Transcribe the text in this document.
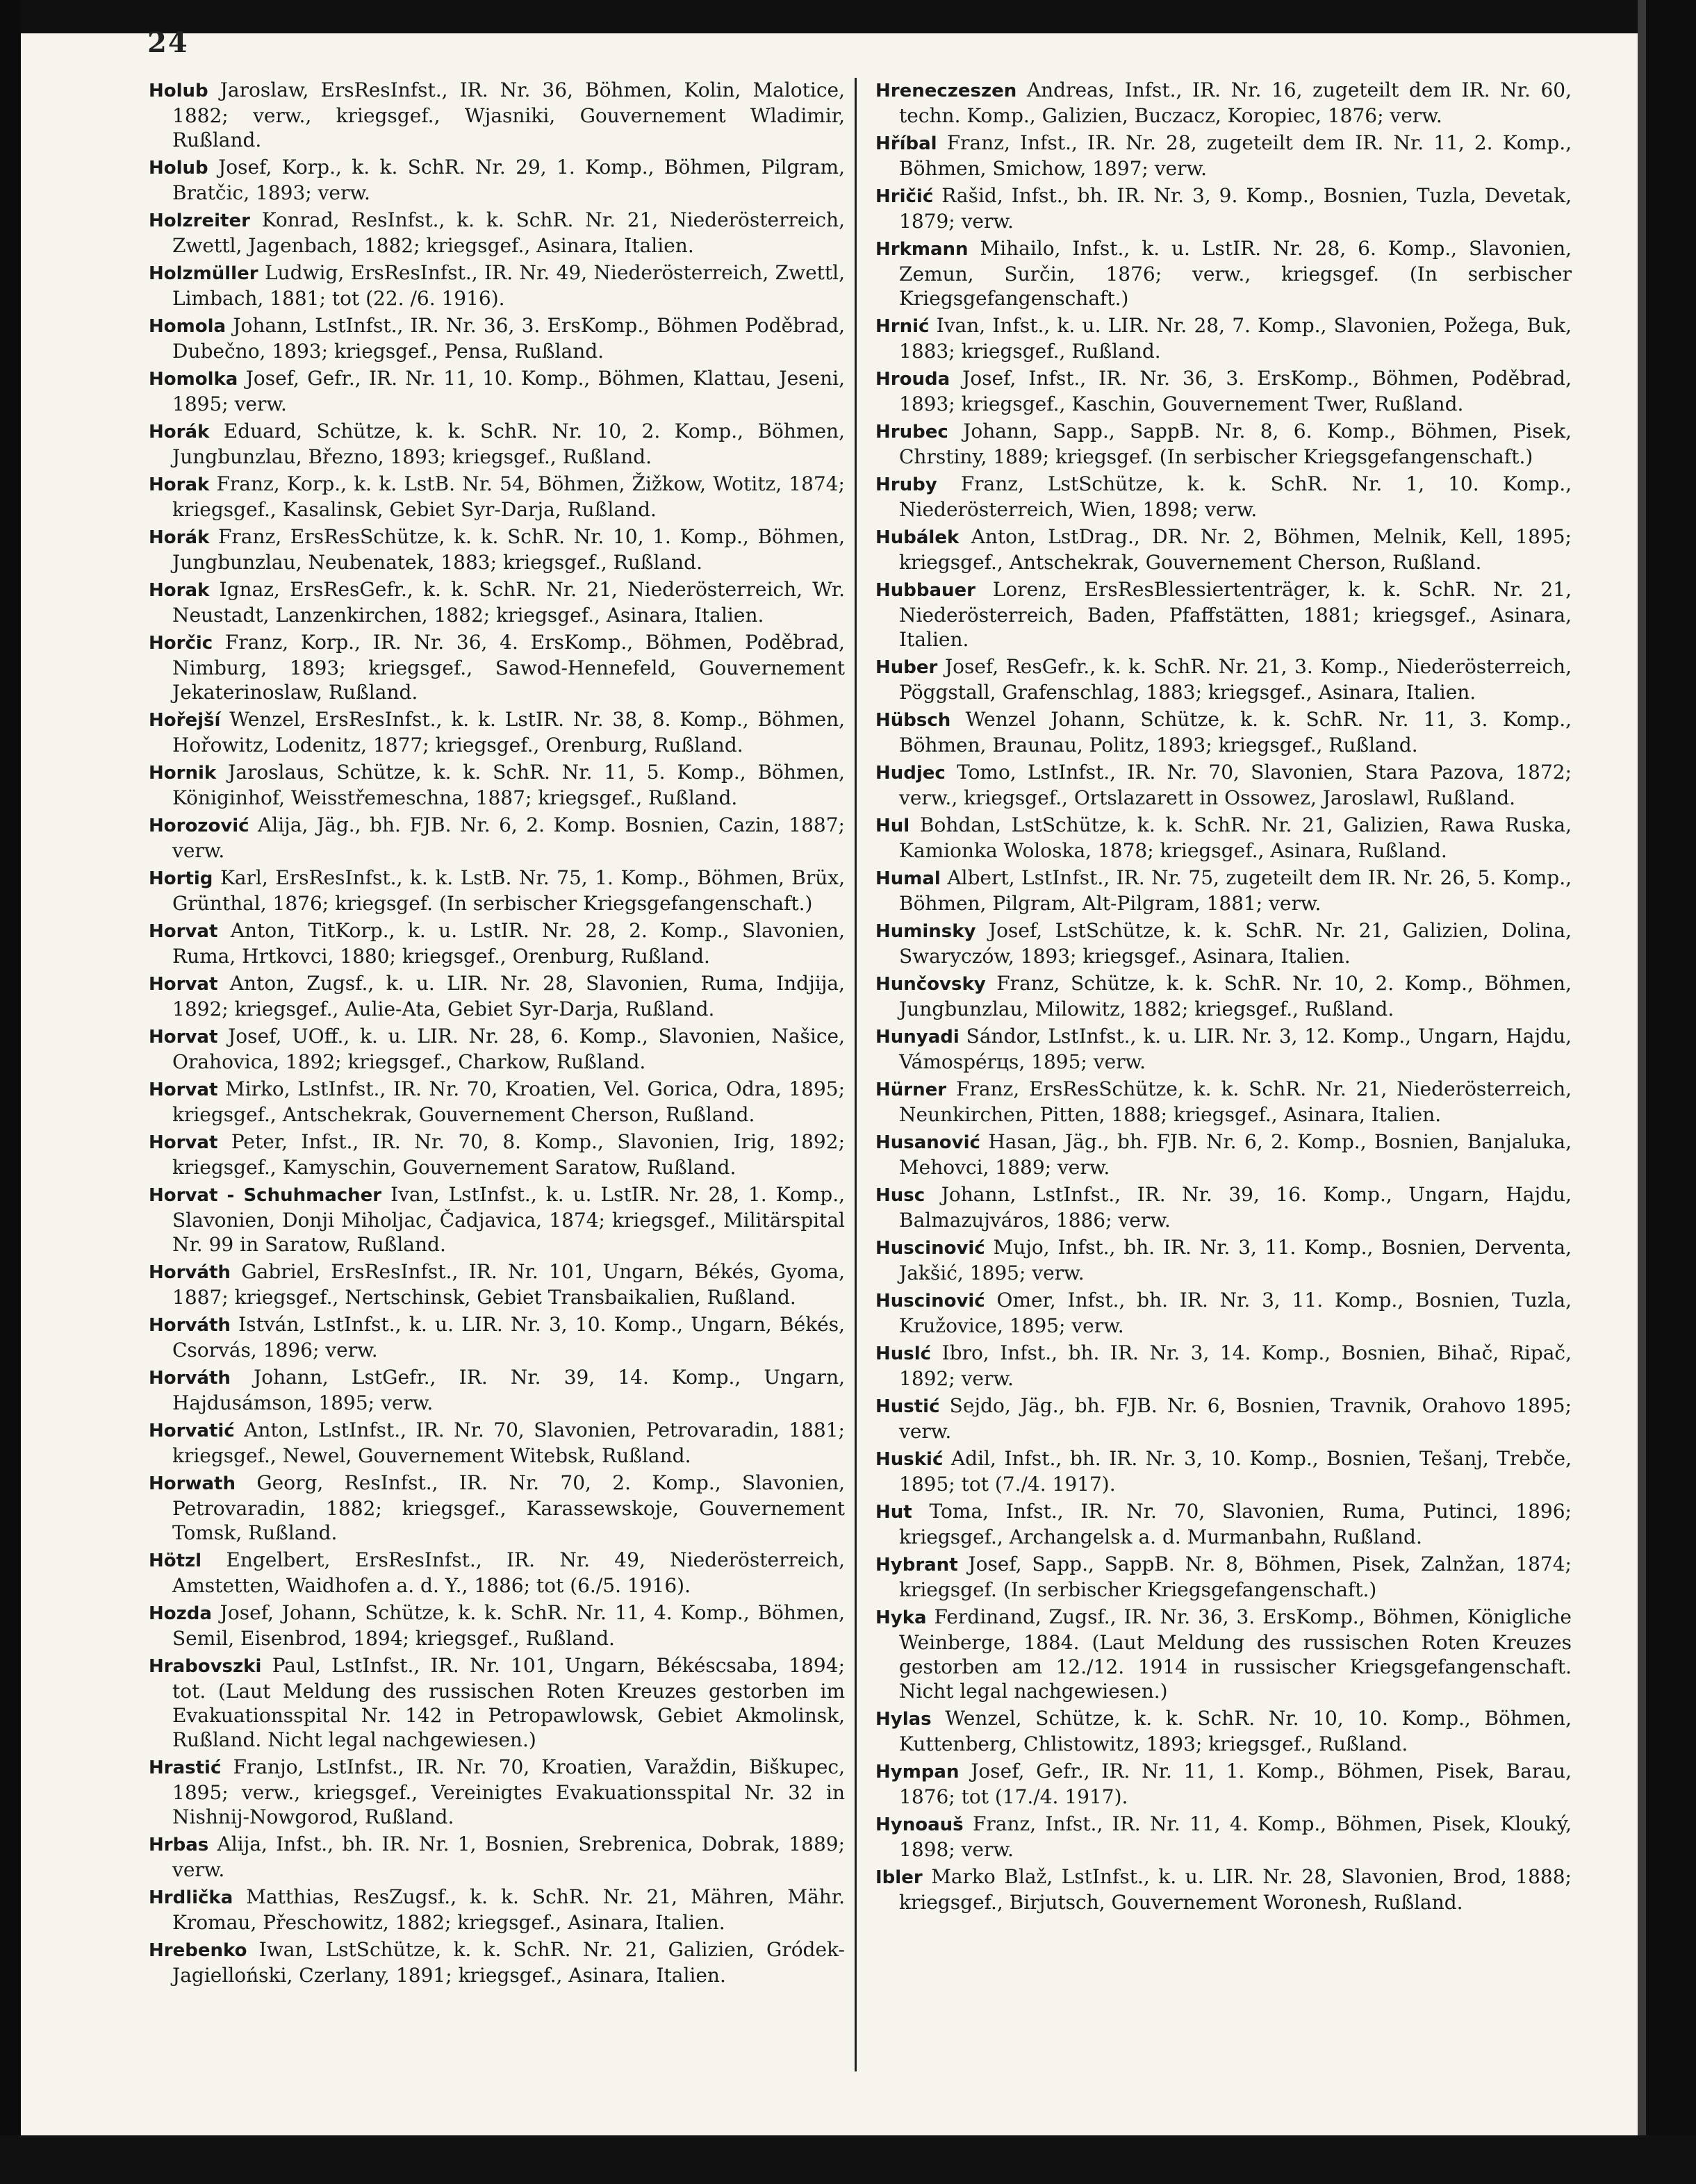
24

Holub Jaroslaw, ErsResInfst., IR. Nr. 36, Böhmen, Kolin, Malotice, 1882; verw., kriegsgef., Wjasniki, Gouvernement Wladimir, Rußland.

Holub Josef, Korp., k. k. SchR. Nr. 29, 1. Komp., Böhmen, Pilgram, Bratčic, 1893; verw.

Holzreiter Konrad, ResInfst., k. k. SchR. Nr. 21, Niederösterreich, Zwettl, Jagenbach, 1882; kriegsgef., Asinara, Italien.

Holzmüller Ludwig, ErsResInfst., IR. Nr. 49, Niederösterreich, Zwettl, Limbach, 1881; tot (22. /6. 1916).

Homola Johann, LstInfst., IR. Nr. 36, 3. ErsKomp., Böhmen Poděbrad, Dubečno, 1893; kriegsgef., Pensa, Rußland.

Homolka Josef, Gefr., IR. Nr. 11, 10. Komp., Böhmen, Klattau, Jeseni, 1895; verw.

Horák Eduard, Schütze, k. k. SchR. Nr. 10, 2. Komp., Böhmen, Jungbunzlau, Březno, 1893; kriegsgef., Rußland.

Horak Franz, Korp., k. k. LstB. Nr. 54, Böhmen, Žižkow, Wotitz, 1874; kriegsgef., Kasalinsk, Gebiet Syr-Darja, Rußland.

Horák Franz, ErsResSchütze, k. k. SchR. Nr. 10, 1. Komp., Böhmen, Jungbunzlau, Neubenatek, 1883; kriegsgef., Rußland.

Horak Ignaz, ErsResGefr., k. k. SchR. Nr. 21, Niederösterreich, Wr. Neustadt, Lanzenkirchen, 1882; kriegsgef., Asinara, Italien.

Horčic Franz, Korp., IR. Nr. 36, 4. ErsKomp., Böhmen, Poděbrad, Nimburg, 1893; kriegsgef., Sawod-Hennefeld, Gouvernement Jekaterinoslaw, Rußland.

Hořejší Wenzel, ErsResInfst., k. k. LstIR. Nr. 38, 8. Komp., Böhmen, Hořowitz, Lodenitz, 1877; kriegsgef., Orenburg, Rußland.

Hornik Jaroslaus, Schütze, k. k. SchR. Nr. 11, 5. Komp., Böhmen, Königinhof, Weisstřemeschna, 1887; kriegsgef., Rußland.

Horozović Alija, Jäg., bh. FJB. Nr. 6, 2. Komp. Bosnien, Cazin, 1887; verw.

Hortig Karl, ErsResInfst., k. k. LstB. Nr. 75, 1. Komp., Böhmen, Brüx, Grünthal, 1876; kriegsgef. (In serbischer Kriegsgefangenschaft.)

Horvat Anton, TitKorp., k. u. LstIR. Nr. 28, 2. Komp., Slavonien, Ruma, Hrtkovci, 1880; kriegsgef., Orenburg, Rußland.

Horvat Anton, Zugsf., k. u. LIR. Nr. 28, Slavonien, Ruma, Indjija, 1892; kriegsgef., Aulie-Ata, Gebiet Syr-Darja, Rußland.

Horvat Josef, UOff., k. u. LIR. Nr. 28, 6. Komp., Slavonien, Našice, Orahovica, 1892; kriegsgef., Charkow, Rußland.

Horvat Mirko, LstInfst., IR. Nr. 70, Kroatien, Vel. Gorica, Odra, 1895; kriegsgef., Antschekrak, Gouvernement Cherson, Rußland.

Horvat Peter, Infst., IR. Nr. 70, 8. Komp., Slavonien, Irig, 1892; kriegsgef., Kamyschin, Gouvernement Saratow, Rußland.

Horvat - Schuhmacher Ivan, LstInfst., k. u. LstIR. Nr. 28, 1. Komp., Slavonien, Donji Miholjac, Čadjavica, 1874; kriegsgef., Militärspital Nr. 99 in Saratow, Rußland.

Horváth Gabriel, ErsResInfst., IR. Nr. 101, Ungarn, Békés, Gyoma, 1887; kriegsgef., Nertschinsk, Gebiet Transbaikalien, Rußland.

Horváth István, LstInfst., k. u. LIR. Nr. 3, 10. Komp., Ungarn, Békés, Csorvás, 1896; verw.

Horváth Johann, LstGefr., IR. Nr. 39, 14. Komp., Ungarn, Hajdusámson, 1895; verw.

Horvatić Anton, LstInfst., IR. Nr. 70, Slavonien, Petrovaradin, 1881; kriegsgef., Newel, Gouvernement Witebsk, Rußland.

Horwath Georg, ResInfst., IR. Nr. 70, 2. Komp., Slavonien, Petrovaradin, 1882; kriegsgef., Karassewskoje, Gouvernement Tomsk, Rußland.

Hötzl Engelbert, ErsResInfst., IR. Nr. 49, Niederösterreich, Amstetten, Waidhofen a. d. Y., 1886; tot (6./5. 1916).

Hozda Josef, Johann, Schütze, k. k. SchR. Nr. 11, 4. Komp., Böhmen, Semil, Eisenbrod, 1894; kriegsgef., Rußland.

Hrabovszki Paul, LstInfst., IR. Nr. 101, Ungarn, Békéscsaba, 1894; tot. (Laut Meldung des russischen Roten Kreuzes gestorben im Evakuationsspital Nr. 142 in Petropawlowsk, Gebiet Akmolinsk, Rußland. Nicht legal nachgewiesen.)

Hrastić Franjo, LstInfst., IR. Nr. 70, Kroatien, Varaždin, Biškupec, 1895; verw., kriegsgef., Vereinigtes Evakuationsspital Nr. 32 in Nishnij-Nowgorod, Rußland.

Hrbas Alija, Infst., bh. IR. Nr. 1, Bosnien, Srebrenica, Dobrak, 1889; verw.

Hrdlička Matthias, ResZugsf., k. k. SchR. Nr. 21, Mähren, Mähr. Kromau, Přeschowitz, 1882; kriegsgef., Asinara, Italien.

Hrebenko Iwan, LstSchütze, k. k. SchR. Nr. 21, Galizien, Gródek-Jagielloński, Czerlany, 1891; kriegsgef., Asinara, Italien.

Hreneczeszen Andreas, Infst., IR. Nr. 16, zugeteilt dem IR. Nr. 60, techn. Komp., Galizien, Buczacz, Koropiec, 1876; verw.

Hříbal Franz, Infst., IR. Nr. 28, zugeteilt dem IR. Nr. 11, 2. Komp., Böhmen, Smichow, 1897; verw.

Hričić Rašid, Infst., bh. IR. Nr. 3, 9. Komp., Bosnien, Tuzla, Devetak, 1879; verw.

Hrkmann Mihailo, Infst., k. u. LstIR. Nr. 28, 6. Komp., Slavonien, Zemun, Surčin, 1876; verw., kriegsgef. (In serbischer Kriegsgefangenschaft.)

Hrnić Ivan, Infst., k. u. LIR. Nr. 28, 7. Komp., Slavonien, Požega, Buk, 1883; kriegsgef., Rußland.

Hrouda Josef, Infst., IR. Nr. 36, 3. ErsKomp., Böhmen, Poděbrad, 1893; kriegsgef., Kaschin, Gouvernement Twer, Rußland.

Hrubec Johann, Sapp., SappB. Nr. 8, 6. Komp., Böhmen, Pisek, Chrstiny, 1889; kriegsgef. (In serbischer Kriegsgefangenschaft.)

Hruby Franz, LstSchütze, k. k. SchR. Nr. 1, 10. Komp., Niederösterreich, Wien, 1898; verw.

Hubálek Anton, LstDrag., DR. Nr. 2, Böhmen, Melnik, Kell, 1895; kriegsgef., Antschekrak, Gouvernement Cherson, Rußland.

Hubbauer Lorenz, ErsResBlessiertenträger, k. k. SchR. Nr. 21, Niederösterreich, Baden, Pfaffstätten, 1881; kriegsgef., Asinara, Italien.

Huber Josef, ResGefr., k. k. SchR. Nr. 21, 3. Komp., Niederösterreich, Pöggstall, Grafenschlag, 1883; kriegsgef., Asinara, Italien.

Hübsch Wenzel Johann, Schütze, k. k. SchR. Nr. 11, 3. Komp., Böhmen, Braunau, Politz, 1893; kriegsgef., Rußland.

Hudjec Tomo, LstInfst., IR. Nr. 70, Slavonien, Stara Pazova, 1872; verw., kriegsgef., Ortslazarett in Ossowez, Jaroslawl, Rußland.

Hul Bohdan, LstSchütze, k. k. SchR. Nr. 21, Galizien, Rawa Ruska, Kamionka Woloska, 1878; kriegsgef., Asinara, Rußland.

Humal Albert, LstInfst., IR. Nr. 75, zugeteilt dem IR. Nr. 26, 5. Komp., Böhmen, Pilgram, Alt-Pilgram, 1881; verw.

Huminsky Josef, LstSchütze, k. k. SchR. Nr. 21, Galizien, Dolina, Swaryczów, 1893; kriegsgef., Asinara, Italien.

Hunčovsky Franz, Schütze, k. k. SchR. Nr. 10, 2. Komp., Böhmen, Jungbunzlau, Milowitz, 1882; kriegsgef., Rußland.

Hunyadi Sándor, LstInfst., k. u. LIR. Nr. 3, 12. Komp., Ungarn, Hajdu, Vámospérцs, 1895; verw.

Hürner Franz, ErsResSchütze, k. k. SchR. Nr. 21, Niederösterreich, Neunkirchen, Pitten, 1888; kriegsgef., Asinara, Italien.

Husanović Hasan, Jäg., bh. FJB. Nr. 6, 2. Komp., Bosnien, Banjaluka, Mehovci, 1889; verw.

Husc Johann, LstInfst., IR. Nr. 39, 16. Komp., Ungarn, Hajdu, Balmazujváros, 1886; verw.

Huscinović Mujo, Infst., bh. IR. Nr. 3, 11. Komp., Bosnien, Derventa, Jakšić, 1895; verw.

Huscinović Omer, Infst., bh. IR. Nr. 3, 11. Komp., Bosnien, Tuzla, Kružovice, 1895; verw.

Huslć Ibro, Infst., bh. IR. Nr. 3, 14. Komp., Bosnien, Bihač, Ripač, 1892; verw.

Hustić Sejdo, Jäg., bh. FJB. Nr. 6, Bosnien, Travnik, Orahovo 1895; verw.

Huskić Adil, Infst., bh. IR. Nr. 3, 10. Komp., Bosnien, Tešanj, Trebče, 1895; tot (7./4. 1917).

Hut Toma, Infst., IR. Nr. 70, Slavonien, Ruma, Putinci, 1896; kriegsgef., Archangelsk a. d. Murmanbahn, Rußland.

Hybrant Josef, Sapp., SappB. Nr. 8, Böhmen, Pisek, Zalnžan, 1874; kriegsgef. (In serbischer Kriegsgefangenschaft.)

Hyka Ferdinand, Zugsf., IR. Nr. 36, 3. ErsKomp., Böhmen, Königliche Weinberge, 1884. (Laut Meldung des russischen Roten Kreuzes gestorben am 12./12. 1914 in russischer Kriegsgefangenschaft. Nicht legal nachgewiesen.)

Hylas Wenzel, Schütze, k. k. SchR. Nr. 10, 10. Komp., Böhmen, Kuttenberg, Chlistowitz, 1893; kriegsgef., Rußland.

Hympan Josef, Gefr., IR. Nr. 11, 1. Komp., Böhmen, Pisek, Barau, 1876; tot (17./4. 1917).

Hynoauš Franz, Infst., IR. Nr. 11, 4. Komp., Böhmen, Pisek, Klouký, 1898; verw.

Ibler Marko Blaž, LstInfst., k. u. LIR. Nr. 28, Slavonien, Brod, 1888; kriegsgef., Birjutsch, Gouvernement Woronesh, Rußland.
